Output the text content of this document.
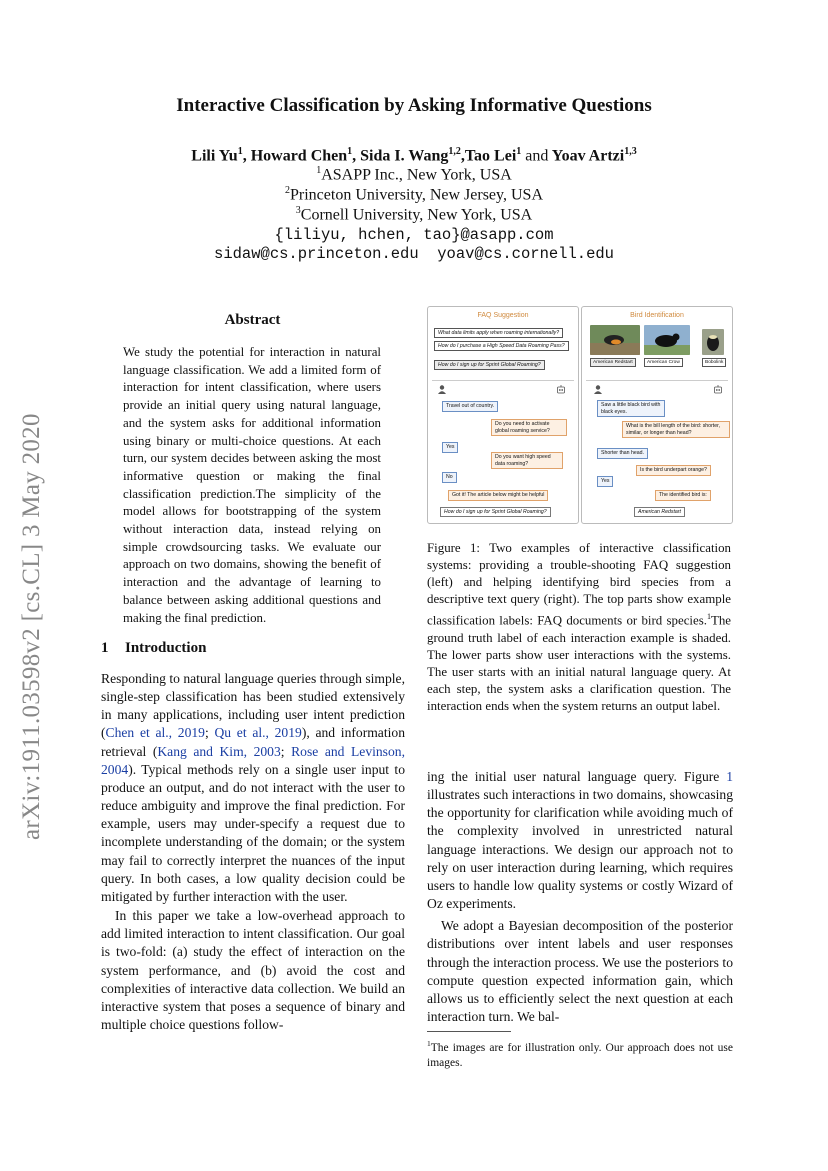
arXiv:1911.03598v2 [cs.CL] 3 May 2020
Interactive Classification by Asking Informative Questions
Lili Yu$^1$, Howard Chen$^1$, Sida I. Wang$^{1,2}$,Tao Lei$^1$ and Yoav Artzi$^{1,3}$
$^1$ASAPP Inc., New York, USA
$^2$Princeton University, New Jersey, USA
$^3$Cornell University, New York, USA
{liliyu, hchen, tao}@asapp.com
sidaw@cs.princeton.edu  yoav@cs.cornell.edu
Abstract

We study the potential for interaction in natural language classification. We add a limited form of interaction for intent classification, where users provide an initial query using natural language, and the system asks for additional information using binary or multi-choice questions. At each turn, our system decides between asking the most informative question or making the final classification prediction.The simplicity of the model allows for bootstrapping of the system without interaction data, instead relying on simple crowdsourcing tasks. We evaluate our approach on two domains, showing the benefit of interaction and the advantage of learning to balance between asking additional questions and making the final prediction.

1 Introduction

Responding to natural language queries through simple, single-step classification has been studied extensively in many applications, including user intent prediction (Chen et al., 2019; Qu et al., 2019), and information retrieval (Kang and Kim, 2003; Rose and Levinson, 2004). Typical methods rely on a single user input to produce an output, and do not interact with the user to reduce ambiguity and improve the final prediction. For example, users may under-specify a request due to incomplete understanding of the domain; or the system may fail to correctly interpret the nuances of the input query. In both cases, a low quality decision could be mitigated by further interaction with the user.

In this paper we take a low-overhead approach to add limited interaction to intent classification. Our goal is two-fold: (a) study the effect of interaction on the system performance, and (b) avoid the cost and complexities of interactive data collection. We build an interactive system that poses a sequence of binary and multiple choice questions follow-

FAQ Suggestion
What data limits apply when roaming internationally?
How do I purchase a High Speed Data Roaming Pass?
How do I sign up for Sprint Global Roaming?
Travel out of country.
Do you need to activate global roaming service?
Yes
Do you want high speed data roaming?
No
Got it! The article below might be helpful
How do I sign up for Sprint Global Roaming?
Bird Identification
American Redstart	American Crow	Bobolink
Saw a little black bird with black eyes.
What is the bill length of the bird: shorter, similar, or longer than head?
Shorter than head.
Is the bird underpart orange?
Yes
The identified bird is:
American Redstart

Figure 1: Two examples of interactive classification systems: providing a trouble-shooting FAQ suggestion (left) and helping identifying bird species from a descriptive text query (right). The top parts show example classification labels: FAQ documents or bird species.$^1$The ground truth label of each interaction example is shaded. The lower parts show user interactions with the systems. The user starts with an initial natural language query. At each step, the system asks a clarification question. The interaction ends when the system returns an output label.

ing the initial user natural language query. Figure 1 illustrates such interactions in two domains, showcasing the opportunity for clarification while avoiding much of the complexity involved in unrestricted natural language interactions. We design our approach not to rely on user interaction during learning, which requires users to handle low quality systems or costly Wizard of Oz experiments.

We adopt a Bayesian decomposition of the posterior distributions over intent labels and user responses through the interaction process. We use the posteriors to compute question expected information gain, which allows us to efficiently select the next question at each interaction turn. We bal-

$^1$The images are for illustration only. Our approach does not use images.
